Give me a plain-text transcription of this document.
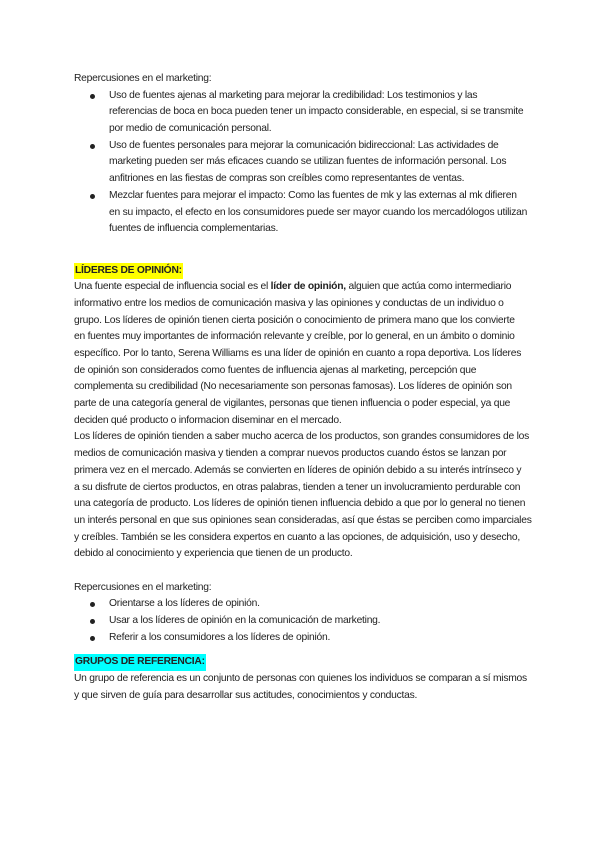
Repercusiones en el marketing:
Uso de fuentes ajenas al marketing para mejorar la credibilidad: Los testimonios y las
referencias de boca en boca pueden tener un impacto considerable, en especial, si se transmite
por medio de comunicación personal.
Uso de fuentes personales para mejorar la comunicación bidireccional: Las actividades de
marketing pueden ser más eficaces cuando se utilizan fuentes de información personal. Los
anfitriones en las fiestas de compras son creíbles como representantes de ventas.
Mezclar fuentes para mejorar el impacto: Como las fuentes de mk y las externas al mk difieren
en su impacto, el efecto en los consumidores puede ser mayor cuando los mercadólogos utilizan
fuentes de influencia complementarias.
LÍDERES DE OPINIÓN:
Una fuente especial de influencia social es el líder de opinión, alguien que actúa como intermediario
informativo entre los medios de comunicación masiva y las opiniones y conductas de un individuo o
grupo. Los líderes de opinión tienen cierta posición o conocimiento de primera mano que los convierte
en fuentes muy importantes de información relevante y creíble, por lo general, en un ámbito o dominio
específico. Por lo tanto, Serena Williams es una líder de opinión en cuanto a ropa deportiva. Los líderes
de opinión son considerados como fuentes de influencia ajenas al marketing, percepción que
complementa su credibilidad (No necesariamente son personas famosas). Los líderes de opinión son
parte de una categoría general de vigilantes, personas que tienen influencia o poder especial, ya que
deciden qué producto o informacion diseminar en el mercado.
Los líderes de opinión tienden a saber mucho acerca de los productos, son grandes consumidores de los
medios de comunicación masiva y tienden a comprar nuevos productos cuando éstos se lanzan por
primera vez en el mercado. Además se convierten en líderes de opinión debido a su interés intrínseco y
a su disfrute de ciertos productos, en otras palabras, tienden a tener un involucramiento perdurable con
una categoría de producto. Los líderes de opinión tienen influencia debido a que por lo general no tienen
un interés personal en que sus opiniones sean consideradas, así que éstas se perciben como imparciales
y creíbles. También se les considera expertos en cuanto a las opciones, de adquisición, uso y desecho,
debido al conocimiento y experiencia que tienen de un producto.
Repercusiones en el marketing:
Orientarse a los líderes de opinión.
Usar a los líderes de opinión en la comunicación de marketing.
Referir a los consumidores a los líderes de opinión.
GRUPOS DE REFERENCIA:
Un grupo de referencia es un conjunto de personas con quienes los individuos se comparan a sí mismos
y que sirven de guía para desarrollar sus actitudes, conocimientos y conductas.
